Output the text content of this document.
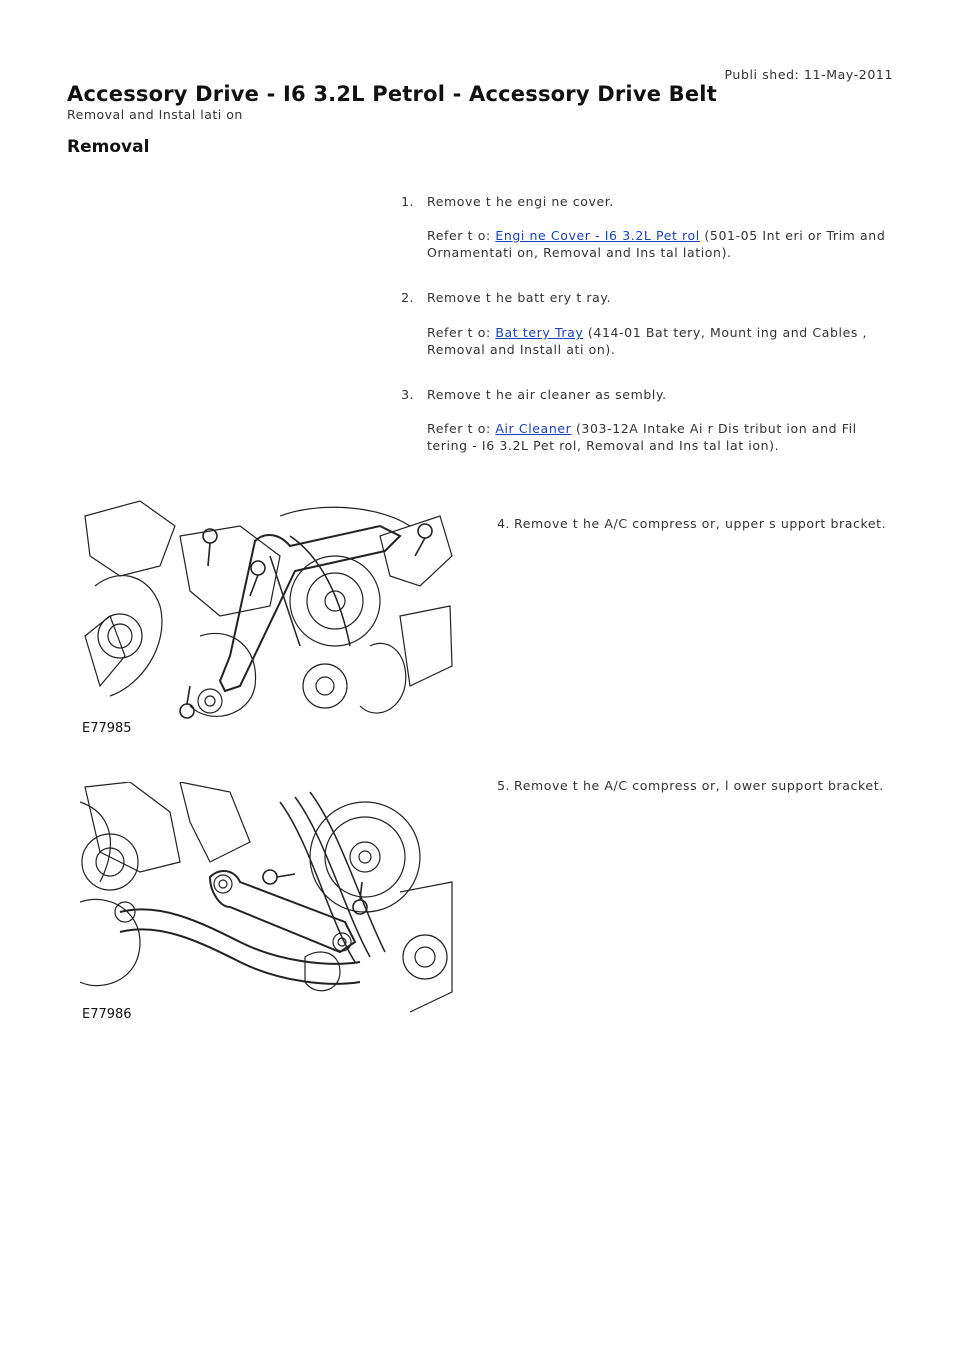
Publi shed: 11-May-2011
Accessory Drive - I6 3.2L Petrol - Accessory Drive Belt
Removal and Instal lati on
Removal
1. Remove t he engi ne cover.
Refer t o: Engi ne Cover - I6 3.2L Pet rol (501-05 Int eri or Trim and Ornamentati on, Removal and Ins tal lation).
2. Remove t he batt ery t ray.
Refer t o: Bat tery Tray (414-01 Bat tery, Mount ing and Cables , Removal and Install ati on).
3. Remove t he air cleaner as sembly.
Refer t o: Air Cleaner (303-12A Intake Ai r Dis tribut ion and Fil tering - I6 3.2L Pet rol, Removal and Ins tal lat ion).
E77985
4. Remove t he A/C compress or, upper s upport bracket.
E77986
5. Remove t he A/C compress or, l ower support bracket.
